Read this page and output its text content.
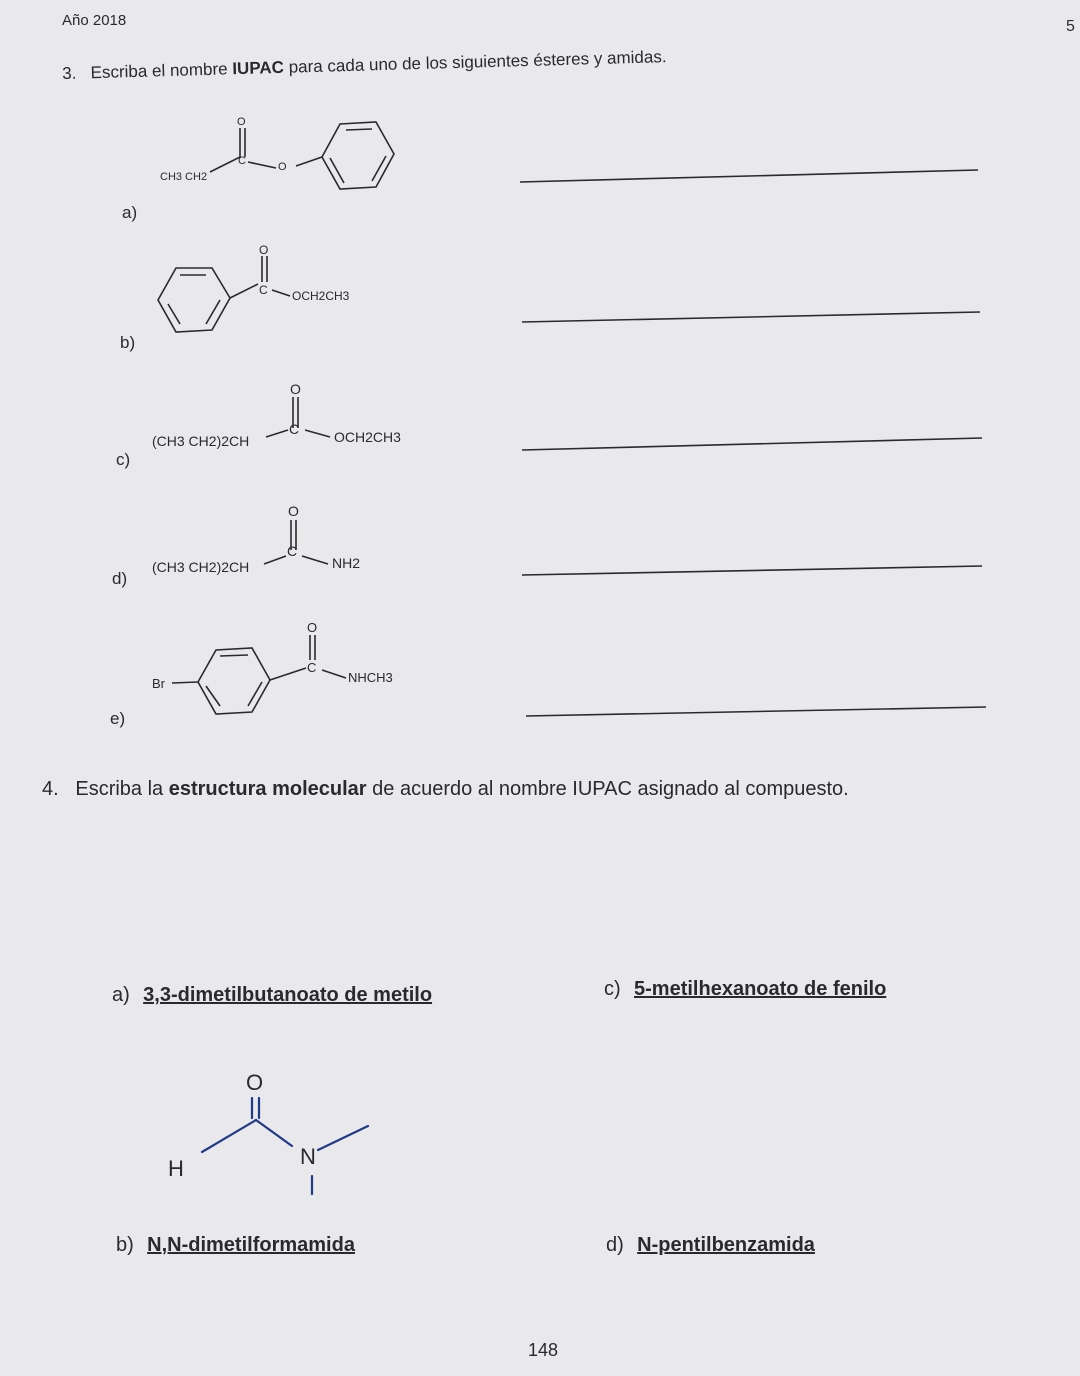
Año 2018	5
3. Escriba el nombre IUPAC para cada uno de los siguientes ésteres y amidas.
CH3 CH2
C	O
O
a)
O
C OCH2CH3
b)
(CH3 CH2)2CH
O
C OCH2CH3
c)
(CH3 CH2)2CH
O
C
NH2
d)
Br
O
C
NHCH3
e)
4. Escriba la estructura molecular de acuerdo al nombre IUPAC asignado al compuesto.
a) 3,3-dimetilbutanoato de metilo	c) 5-metilhexanoato de fenilo
b) N,N-dimetilformamida	d) N-pentilbenzamida
O
N
H
148
